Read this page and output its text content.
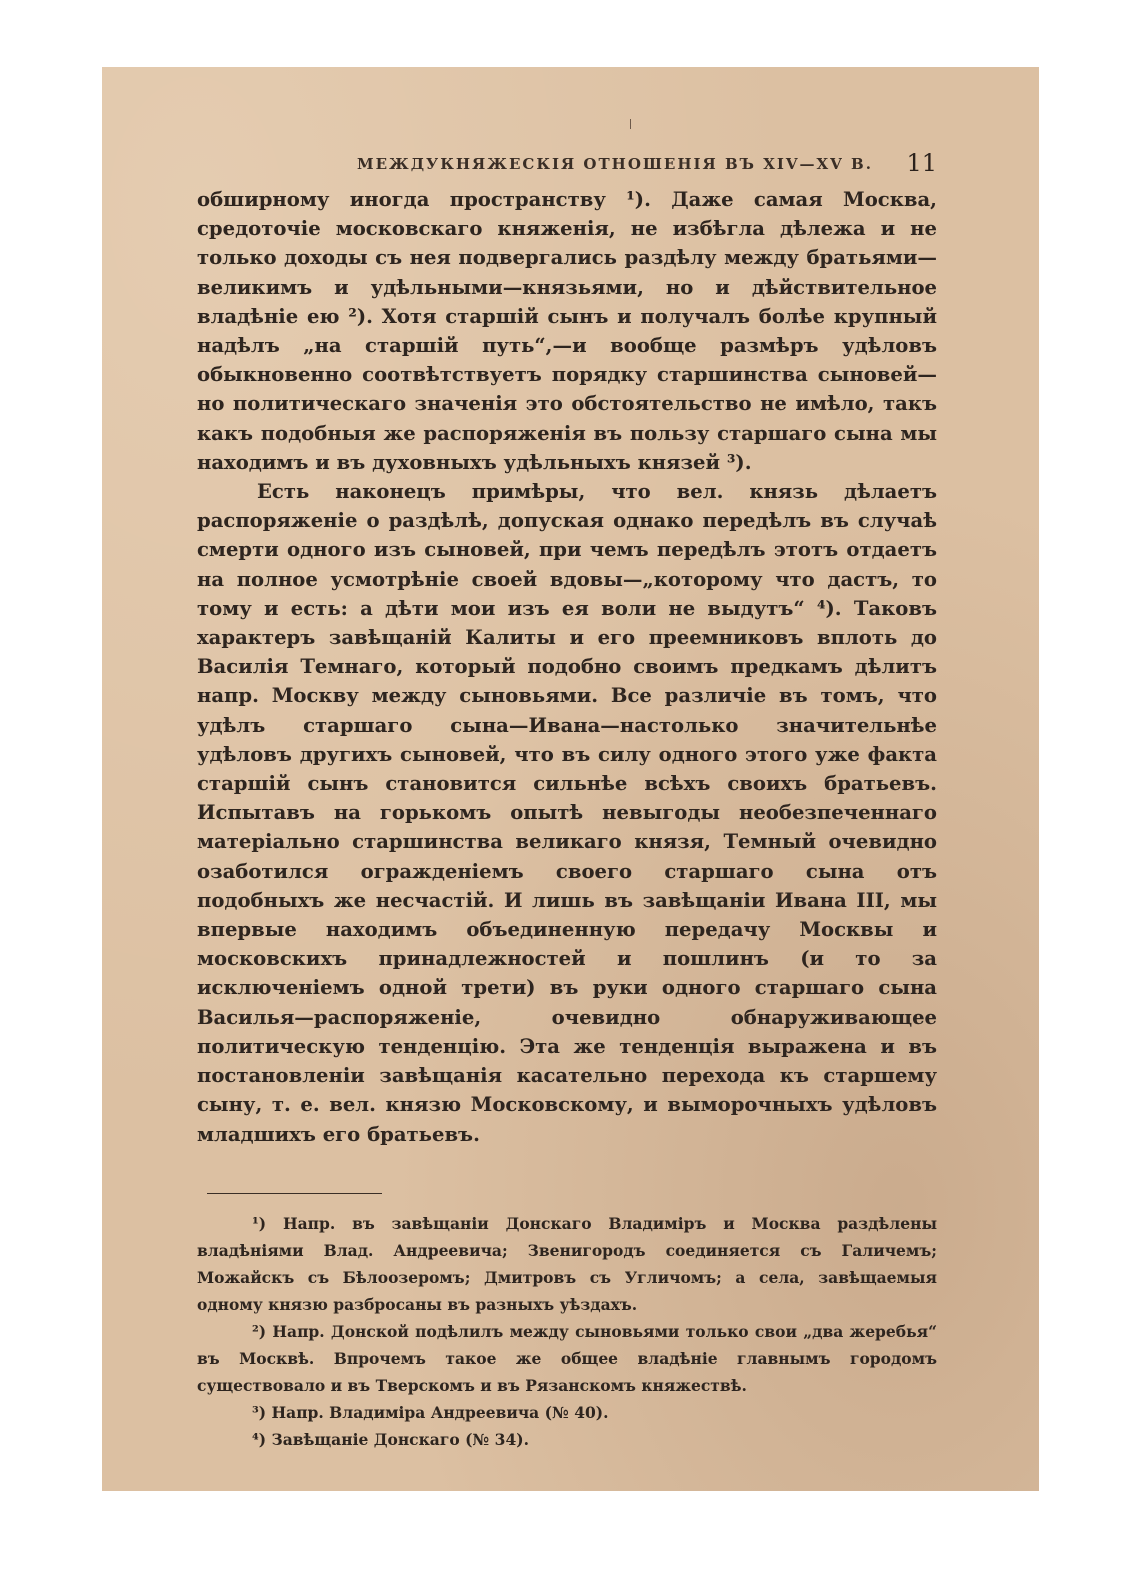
МЕЖДУКНЯЖЕСКІЯ ОТНОШЕНІЯ ВЪ XIV—XV В. 11

обширному иногда пространству ¹). Даже самая Москва, средоточіе московскаго княженія, не избѣгла дѣлежа и не только доходы съ нея подвергались раздѣлу между братьями—великимъ и удѣльными—князьями, но и дѣйствительное владѣніе ею ²). Хотя старшій сынъ и получалъ болѣе крупный надѣлъ „на старшій путь“,—и вообще размѣръ удѣловъ обыкновенно соотвѣтствуетъ порядку старшинства сыновей—но политическаго значенія это обстоятельство не имѣло, такъ какъ подобныя же распоряженія въ пользу старшаго сына мы находимъ и въ духовныхъ удѣльныхъ князей ³).

Есть наконецъ примѣры, что вел. князь дѣлаетъ распоряженіе о раздѣлѣ, допуская однако передѣлъ въ случаѣ смерти одного изъ сыновей, при чемъ передѣлъ этотъ отдаетъ на полное усмотрѣніе своей вдовы—„которому что дастъ, то тому и есть: а дѣти мои изъ ея воли не выдутъ“ ⁴). Таковъ характеръ завѣщаній Калиты и его преемниковъ вплоть до Василія Темнаго, который подобно своимъ предкамъ дѣлитъ напр. Москву между сыновьями. Все различіе въ томъ, что удѣлъ старшаго сына—Ивана—настолько значительнѣе удѣловъ другихъ сыновей, что въ силу одного этого уже факта старшій сынъ становится сильнѣе всѣхъ своихъ братьевъ. Испытавъ на горькомъ опытѣ невыгоды необезпеченнаго матеріально старшинства великаго князя, Темный очевидно озаботился огражденіемъ своего старшаго сына отъ подобныхъ же несчастій. И лишь въ завѣщаніи Ивана III, мы впервые находимъ объединенную передачу Москвы и московскихъ принадлежностей и пошлинъ (и то за исключеніемъ одной трети) въ руки одного старшаго сына Василья—распоряженіе, очевидно обнаруживающее политическую тенденцію. Эта же тенденція выражена и въ постановленіи завѣщанія касательно перехода къ старшему сыну, т. е. вел. князю Московскому, и выморочныхъ удѣловъ младшихъ его братьевъ.

¹) Напр. въ завѣщаніи Донскаго Владиміръ и Москва раздѣлены владѣніями Влад. Андреевича; Звенигородъ соединяется съ Галичемъ; Можайскъ съ Бѣлоозеромъ; Дмитровъ съ Угличомъ; а села, завѣщаемыя одному князю разбросаны въ разныхъ уѣздахъ.

²) Напр. Донской подѣлилъ между сыновьями только свои „два жеребья“ въ Москвѣ. Впрочемъ такое же общее владѣніе главнымъ городомъ существовало и въ Тверскомъ и въ Рязанскомъ княжествѣ.

³) Напр. Владиміра Андреевича (№ 40).

⁴) Завѣщаніе Донскаго (№ 34).
